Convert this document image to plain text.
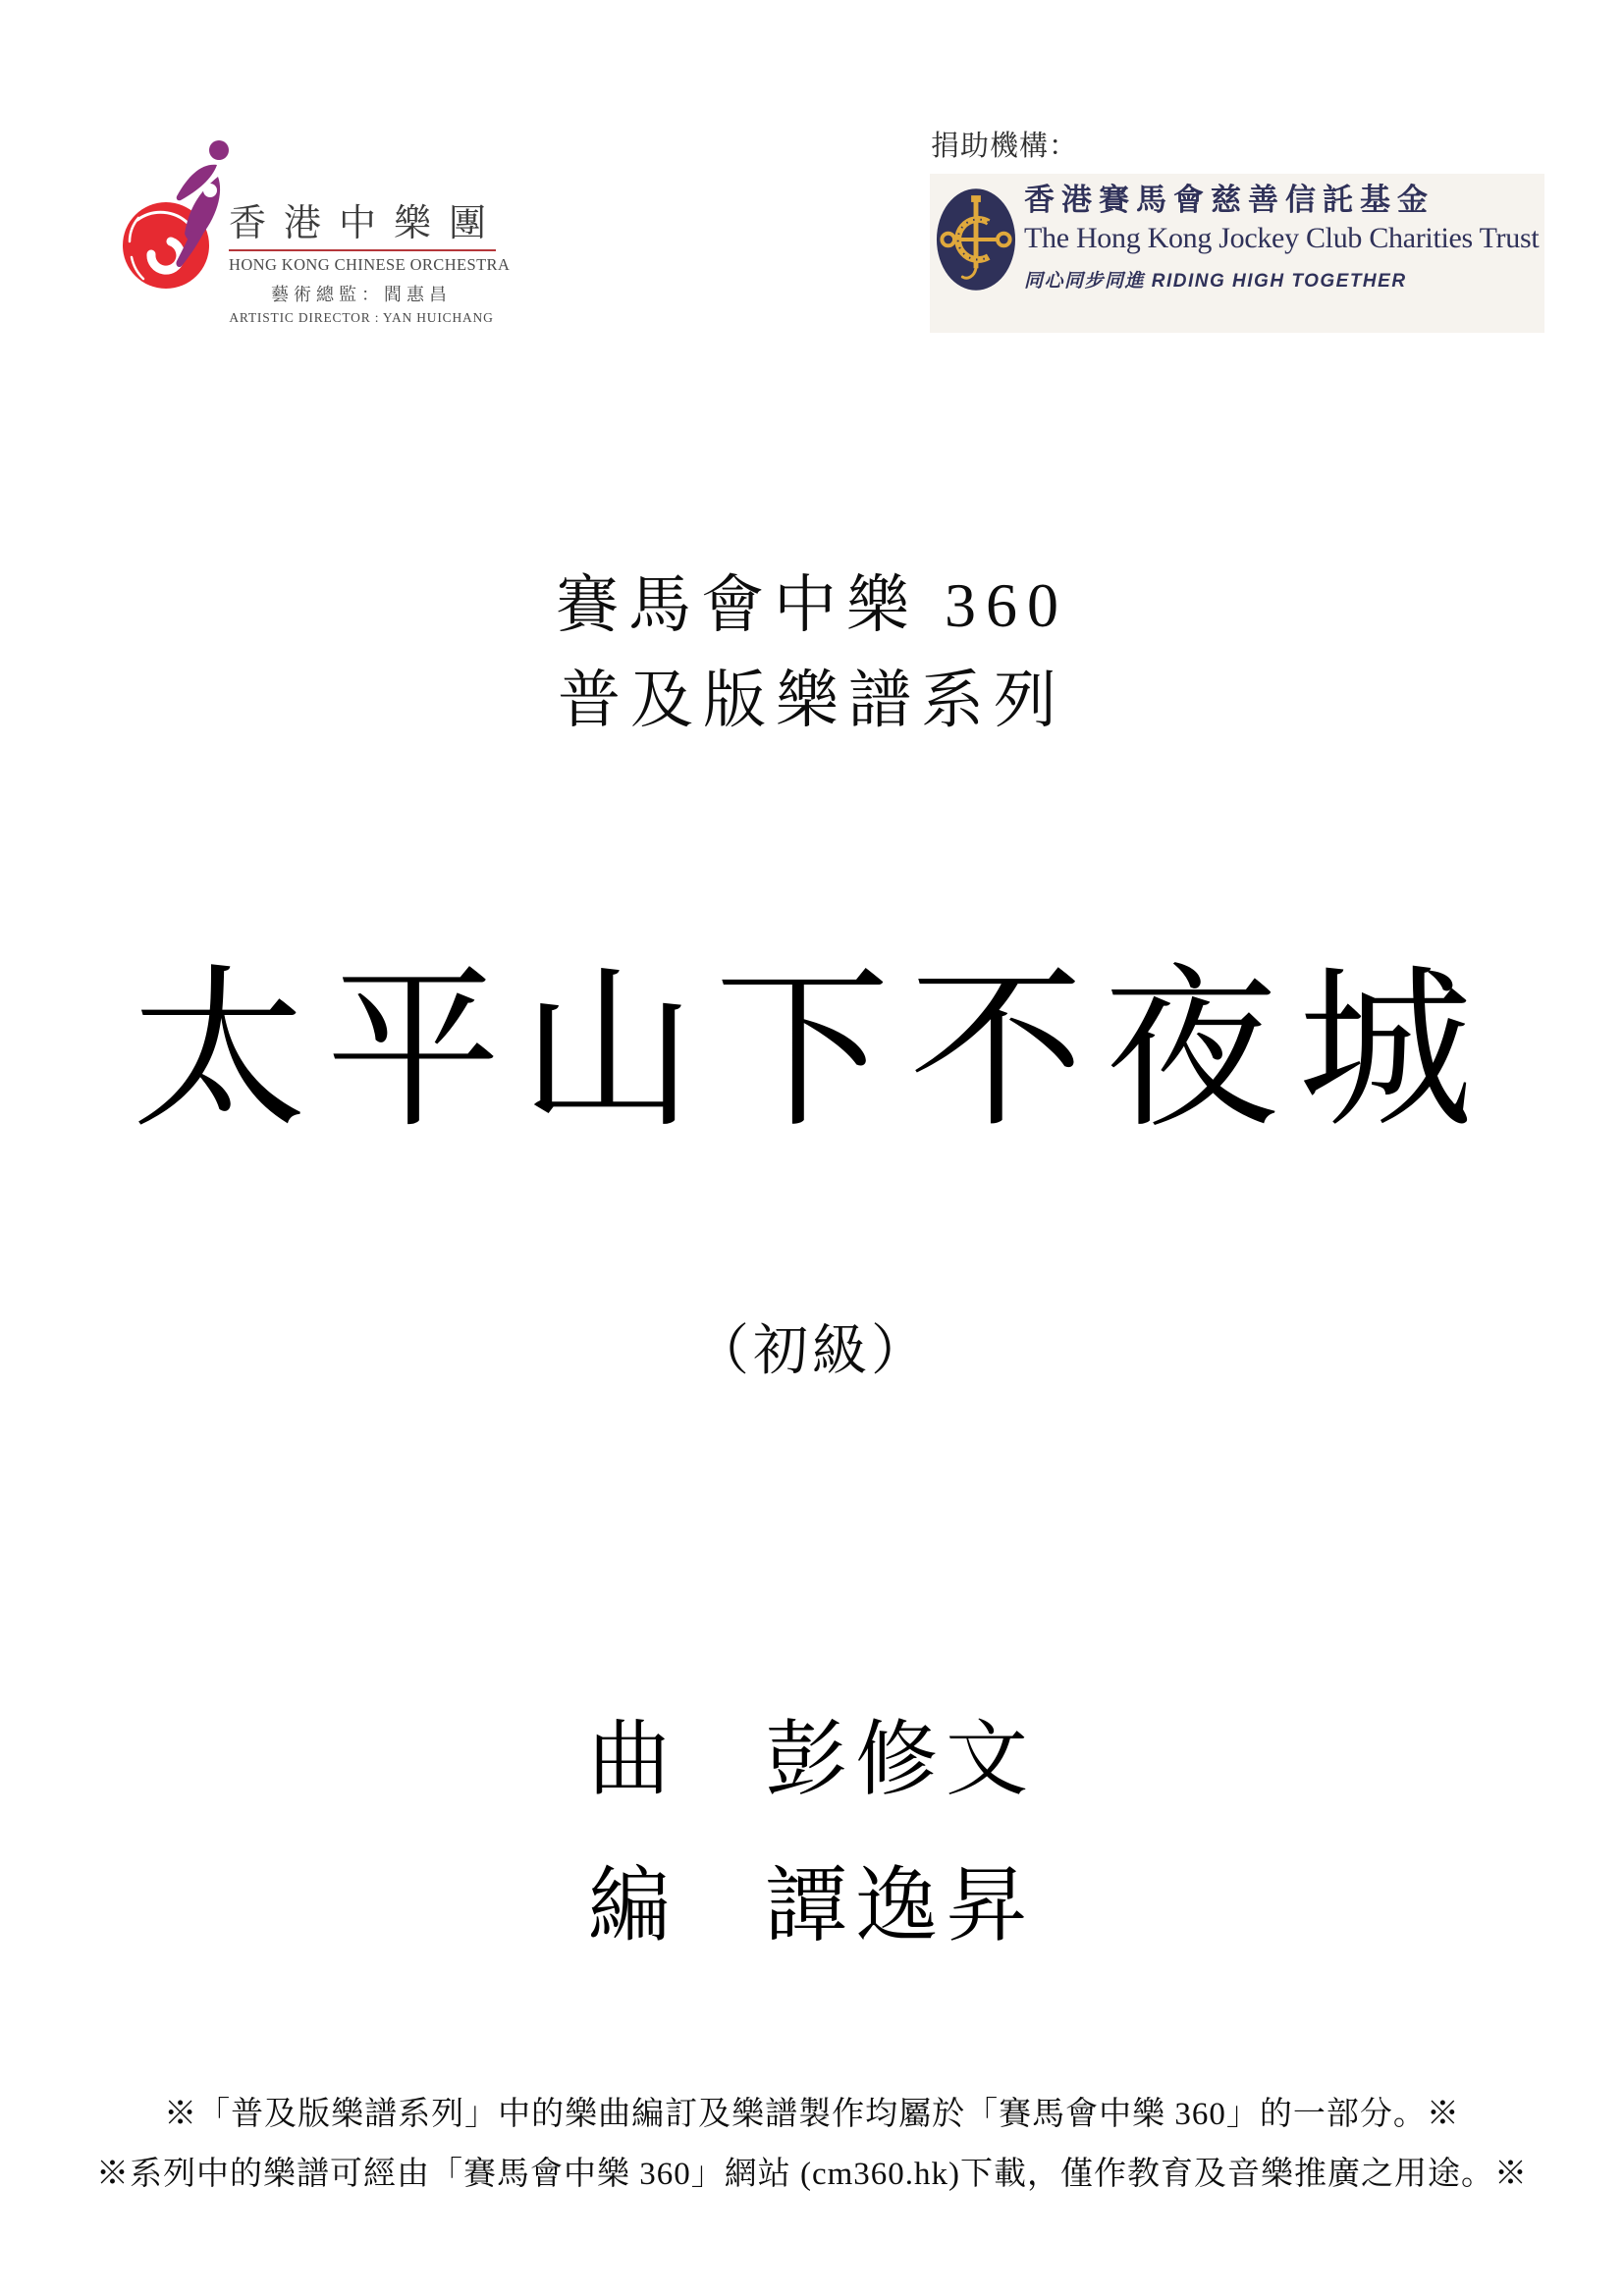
香港中樂團
HONG KONG CHINESE ORCHESTRA
藝術總監：閻惠昌
ARTISTIC DIRECTOR : YAN HUICHANG
捐助機構：
香港賽馬會慈善信託基金
The Hong Kong Jockey Club Charities Trust
同心同步同進 RIDING HIGH TOGETHER
賽馬會中樂 360
普及版樂譜系列
太平山下不夜城
（初級）
曲 彭修文
編 譚逸昇
※「普及版樂譜系列」中的樂曲編訂及樂譜製作均屬於「賽馬會中樂 360」的一部分。※
※系列中的樂譜可經由「賽馬會中樂 360」網站 (cm360.hk)下載，僅作教育及音樂推廣之用途。※
